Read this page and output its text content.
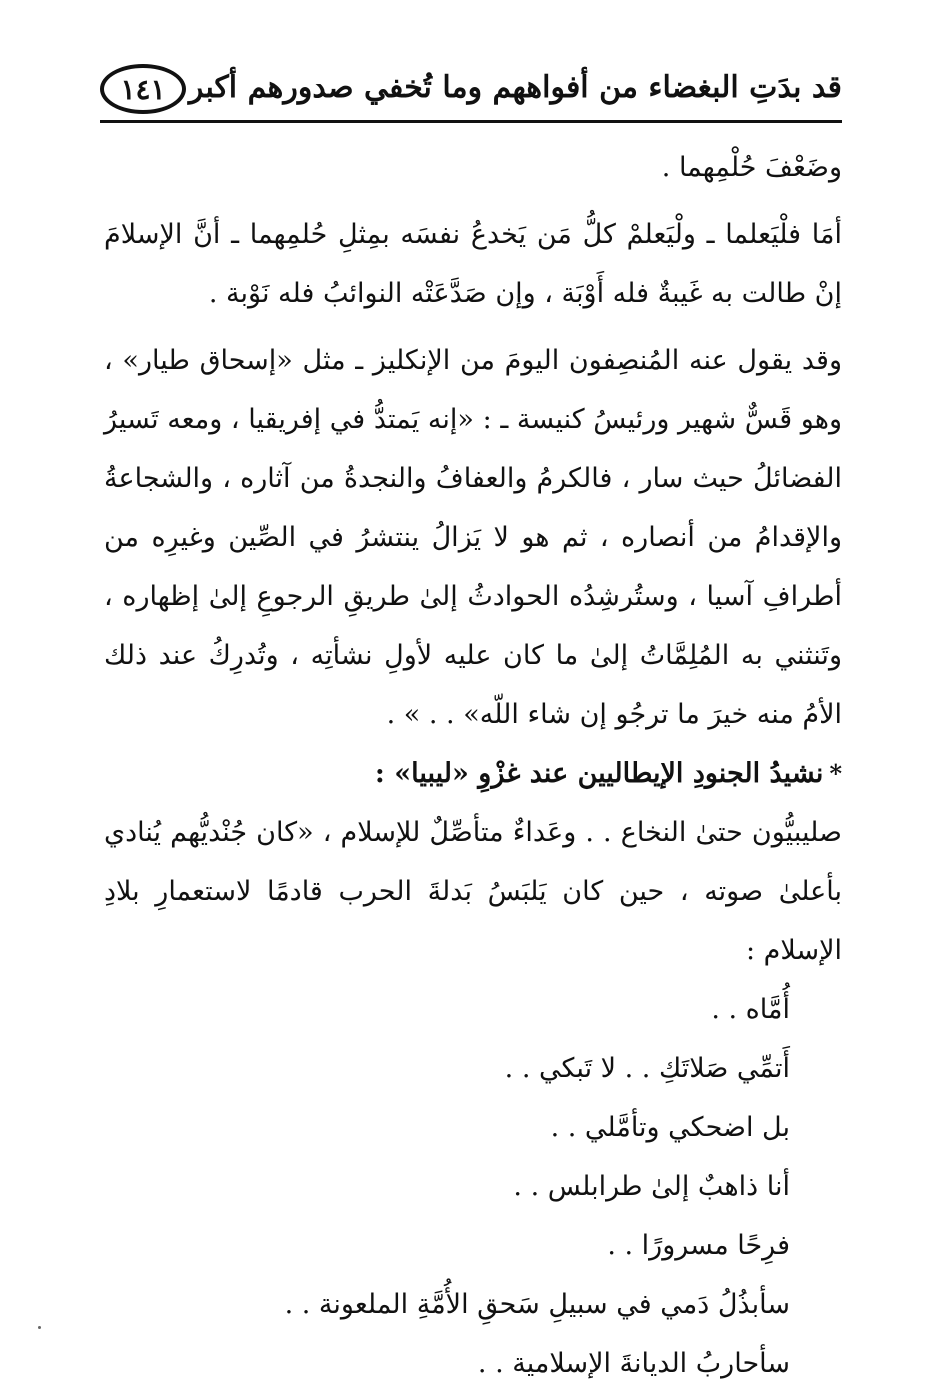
قد بدَتِ البغضاء من أفواههم وما تُخفي صدورهم أكبر
١٤١

وضَعْفَ حُلْمِهما .

أمَا فلْيَعلما ـ ولْيَعلمْ كلُّ مَن يَخدعُ نفسَه بمِثلِ حُلمِهما ـ أنَّ الإسلامَ إنْ طالت به غَيبةٌ فله أَوْبَة ، وإن صَدَّعَتْه النوائبُ فله نَوْبة .

وقد يقول عنه المُنصِفون اليومَ من الإنكليز ـ مثل «إسحاق طيار» ، وهو قَسٌّ شهير ورئيسُ كنيسة ـ : «إنه يَمتدُّ في إفريقيا ، ومعه تَسيرُ الفضائلُ حيث سار ، فالكرمُ والعفافُ والنجدةُ من آثاره ، والشجاعةُ والإقدامُ من أنصاره ، ثم هو لا يَزالُ ينتشرُ في الصِّين وغيرِه من أطرافِ آسيا ، وستُرشِدُه الحوادثُ إلىٰ طريقِ الرجوعِ إلىٰ إظهاره ، وتَنثني به المُلِمَّاتُ إلىٰ ما كان عليه لأولِ نشأتِه ، وتُدرِكُ عند ذلك الأمُ منه خيرَ ما ترجُو إن شاء اللّه» . . » .

*نشيدُ الجنودِ الإيطاليين عند غزْوِ «ليبيا» :

صليبيُّون حتىٰ النخاع . . وعَداءٌ متأصِّلٌ للإسلام ، «كان جُنْديُّهم يُنادي بأعلىٰ صوته ، حين كان يَلبَسُ بَدلةَ الحرب قادمًا لاستعمارِ بلادِ الإسلام :

أُمَّاه . .
أَتمِّي صَلاتَكِ . . لا تَبكي . .
بل اضحكي وتأمَّلي . .
أنا ذاهبٌ إلىٰ طرابلس . .
فرِحًا مسرورًا . .
سأبذُلُ دَمي في سبيلِ سَحقِ الأُمَّةِ الملعونة . .
سأحاربُ الديانةَ الإسلامية . .
